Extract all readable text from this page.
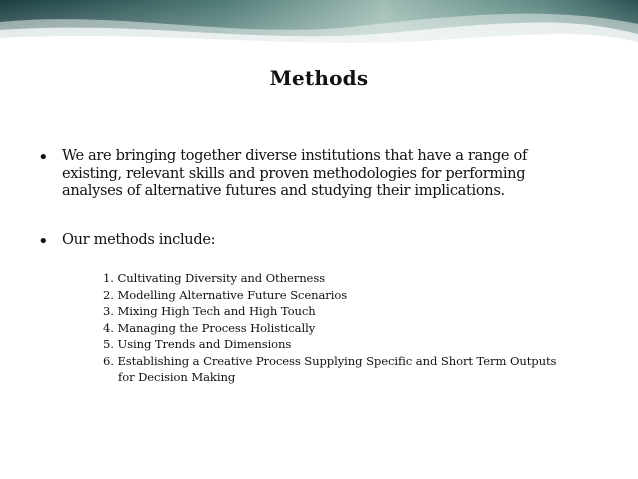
Methods
• We are bringing together diverse institutions that have a range of
existing, relevant skills and proven methodologies for performing
analyses of alternative futures and studying their implications.
• Our methods include:
1. Cultivating Diversity and Otherness
2. Modelling Alternative Future Scenarios
3. Mixing High Tech and High Touch
4. Managing the Process Holistically
5. Using Trends and Dimensions
6. Establishing a Creative Process Supplying Specific and Short Term Outputs
for Decision Making
